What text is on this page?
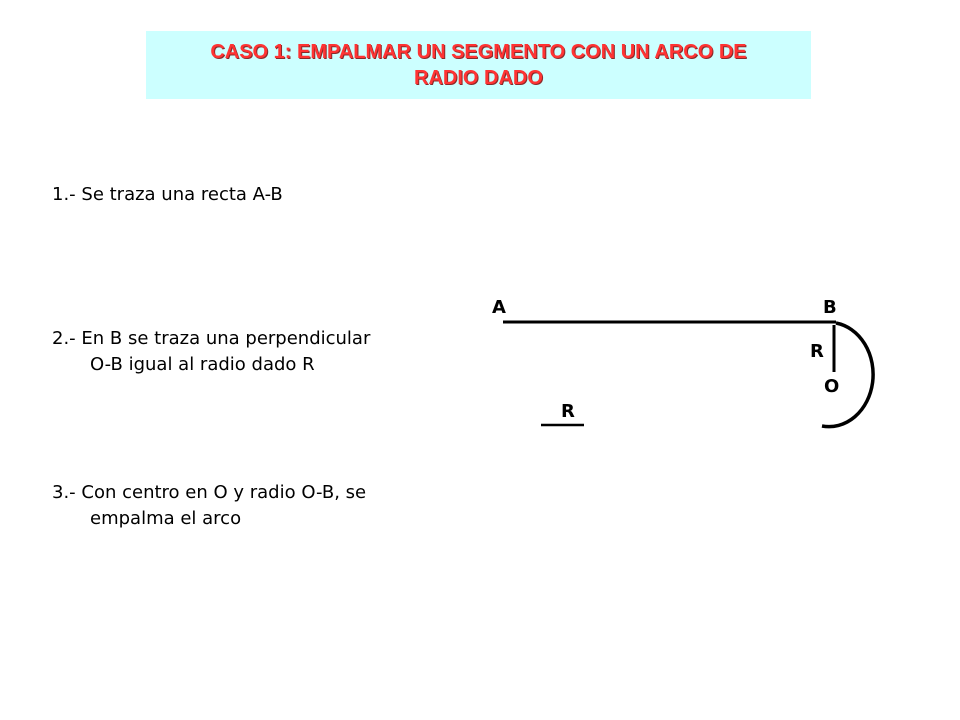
CASO 1: EMPALMAR UN SEGMENTO CON UN ARCO DE
RADIO DADO
1.- Se traza una recta A-B
2.- En B se traza una perpendicular
O-B igual al radio dado R
3.- Con centro en O y radio O-B, se
empalma el arco
A	B
R
O
R
